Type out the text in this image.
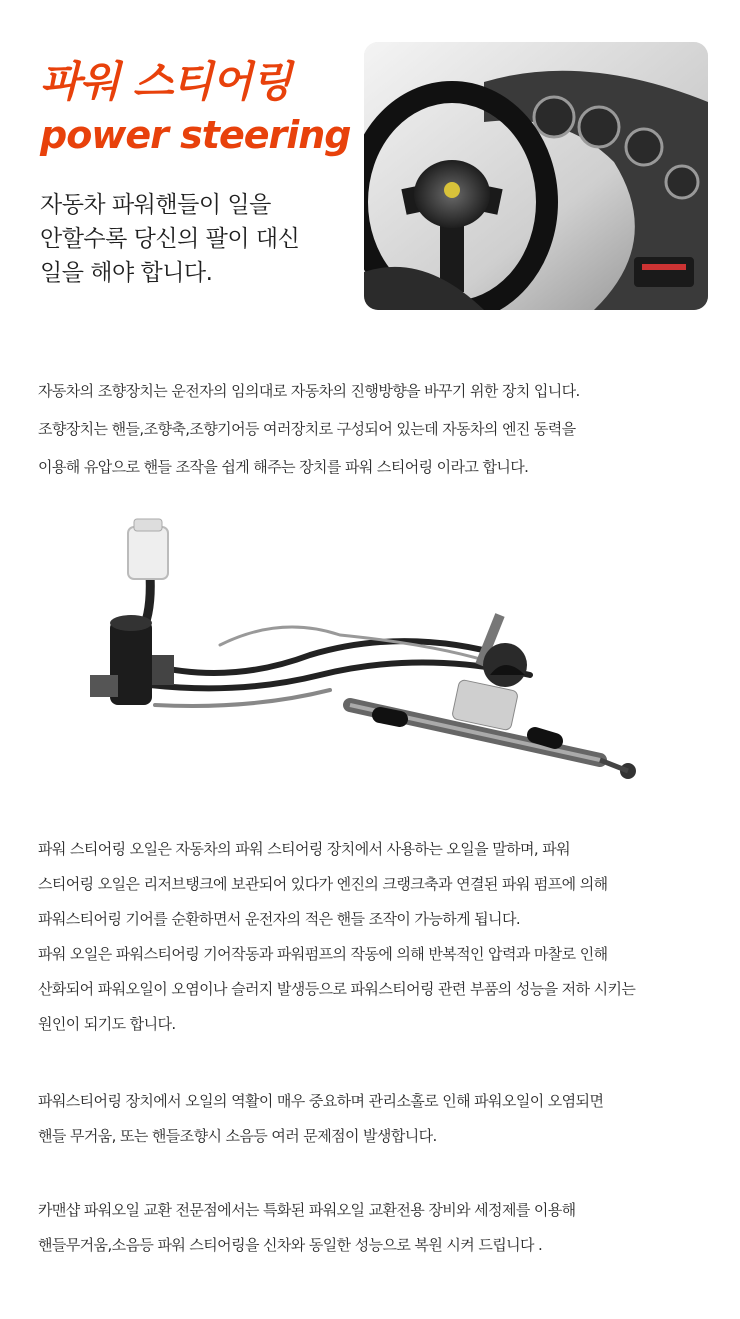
파워 스티어링
power steering
자동차 파워핸들이 일을
안할수록 당신의 팔이 대신
일을 해야 합니다.
자동차의 조향장치는 운전자의 임의대로 자동차의 진행방향을 바꾸기 위한 장치 입니다.
조향장치는 핸들,조향축,조향기어등 여러장치로 구성되어 있는데 자동차의 엔진 동력을
이용해 유압으로 핸들 조작을 쉽게 해주는 장치를 파워 스티어링 이라고 합니다.
파워 스티어링 오일은 자동차의 파워 스티어링 장치에서 사용하는 오일을 말하며, 파워
스티어링 오일은 리저브탱크에 보관되어 있다가 엔진의 크랭크축과 연결된 파워 펌프에 의해
파워스티어링 기어를 순환하면서 운전자의 적은 핸들 조작이 가능하게 됩니다.
파워 오일은 파워스티어링 기어작동과 파워펌프의 작동에 의해 반복적인 압력과 마찰로 인해
산화되어 파워오일이 오염이나 슬러지 발생등으로 파워스티어링 관련 부품의 성능을 저하 시키는
원인이 되기도 합니다.
파워스티어링 장치에서 오일의 역활이 매우 중요하며 관리소홀로 인해 파워오일이 오염되면
핸들 무거움, 또는 핸들조향시 소음등 여러 문제점이 발생합니다.
카맨샵 파워오일 교환 전문점에서는 특화된 파워오일 교환전용 장비와 세정제를 이용해
핸들무거움,소음등 파워 스티어링을 신차와 동일한 성능으로 복원 시켜 드립니다 .
